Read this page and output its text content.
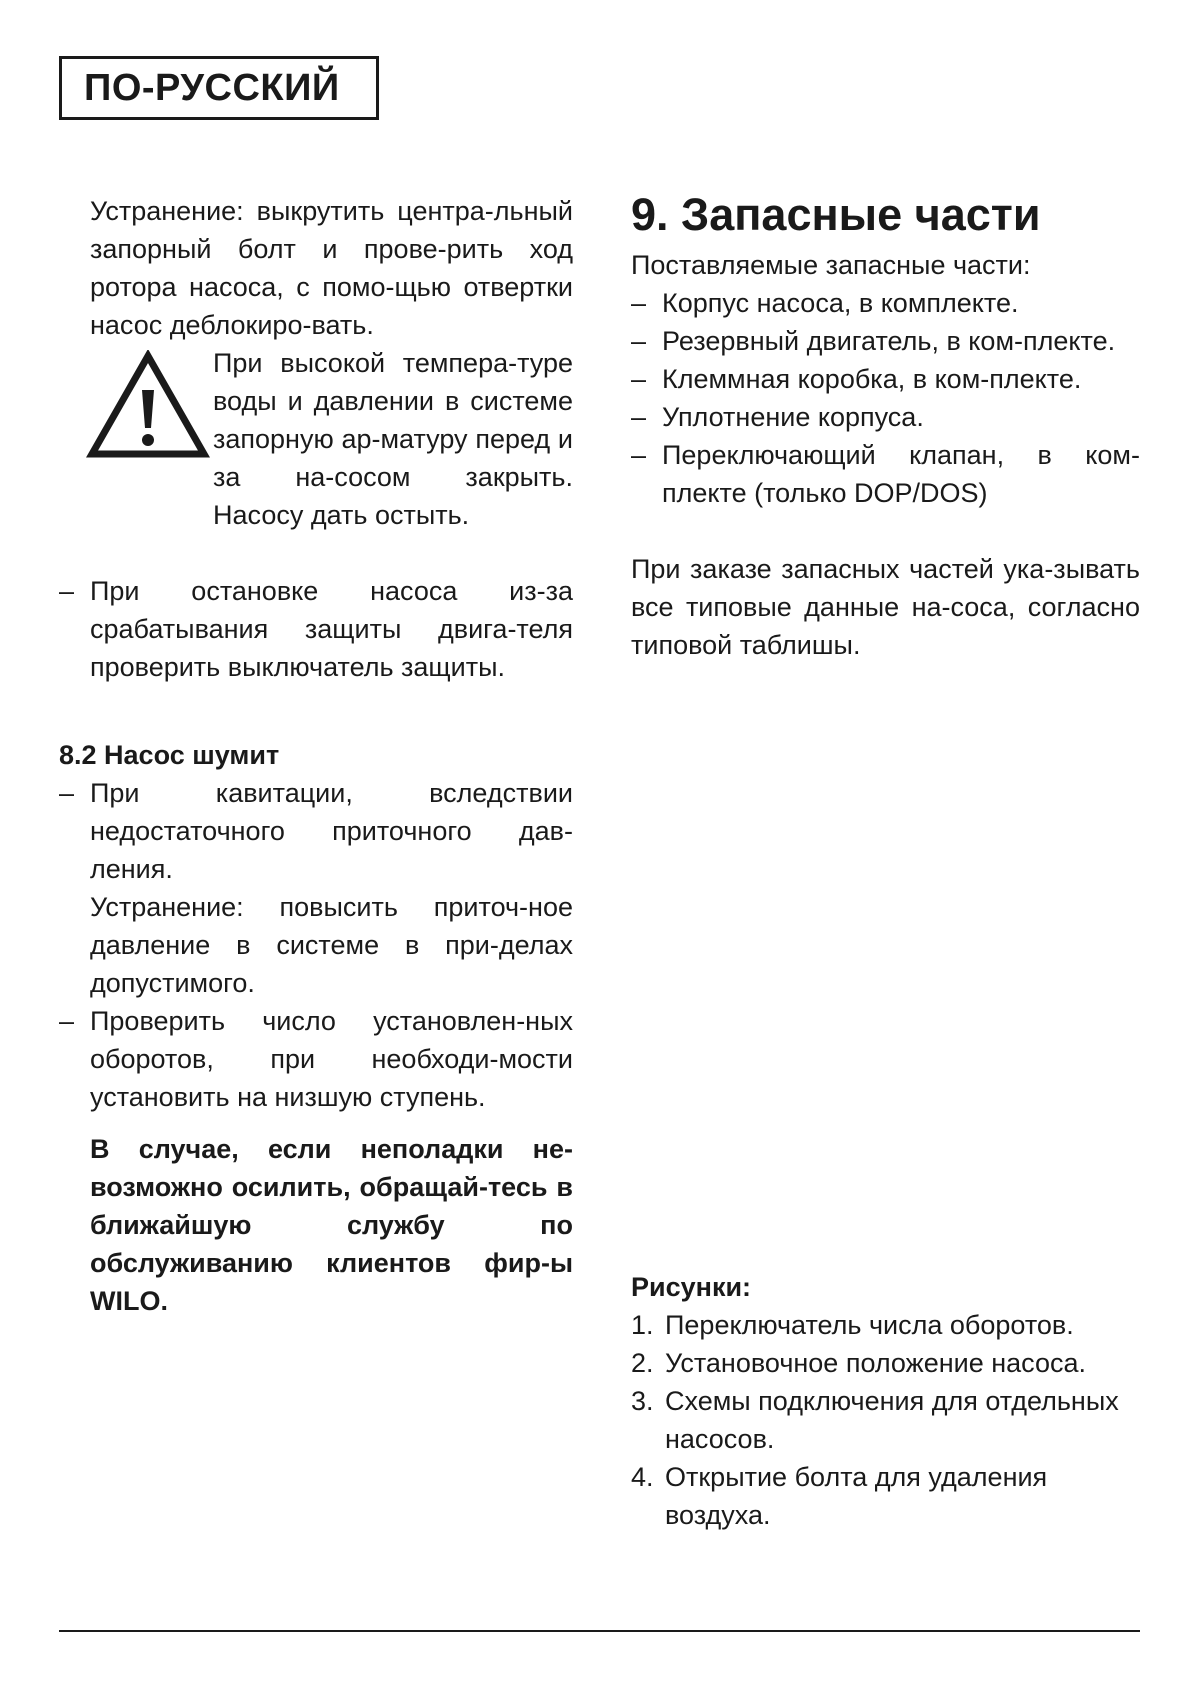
ПО-РУССКИЙ
Устранение: выкрутить центра-льный запорный болт и прове-рить ход ротора насоса, с помо-щью отвертки насос деблокиро-вать.
При высокой темпера-туре воды и давлении в системе запорную ар-матуру перед и за на-сосом закрыть. Насосу дать остыть.
– При остановке насоса из-за срабатывания защиты двига-теля проверить выключатель защиты.
8.2 Насос шумит
– При кавитации, вследствии недостаточного приточного дав-ления.
Устранение: повысить приточ-ное давление в системе в при-делах допустимого.
– Проверить число установлен-ных оборотов, при необходи-мости установить на низшую ступень.
В случае, если неполадки не-возможно осилить, обращай-тесь в ближайшую службу по обслуживанию клиентов фир-ы WILO.
9. Запасные части
Поставляемые запасные части:
– Корпус насоса, в комплекте.
– Резервный двигатель, в ком-плекте.
– Клеммная коробка, в ком-плекте.
– Уплотнение корпуса.
– Переключающий клапан, в ком-плекте (только DOP/DOS)
При заказе запасных частей ука-зывать все типовые данные на-соса, согласно типовой таблишы.
Рисунки:
1. Переключатель числа оборотов.
2. Установочное положение насоса.
3. Схемы подключения для отдельных насосов.
4. Открытие болта для удаления воздуха.
